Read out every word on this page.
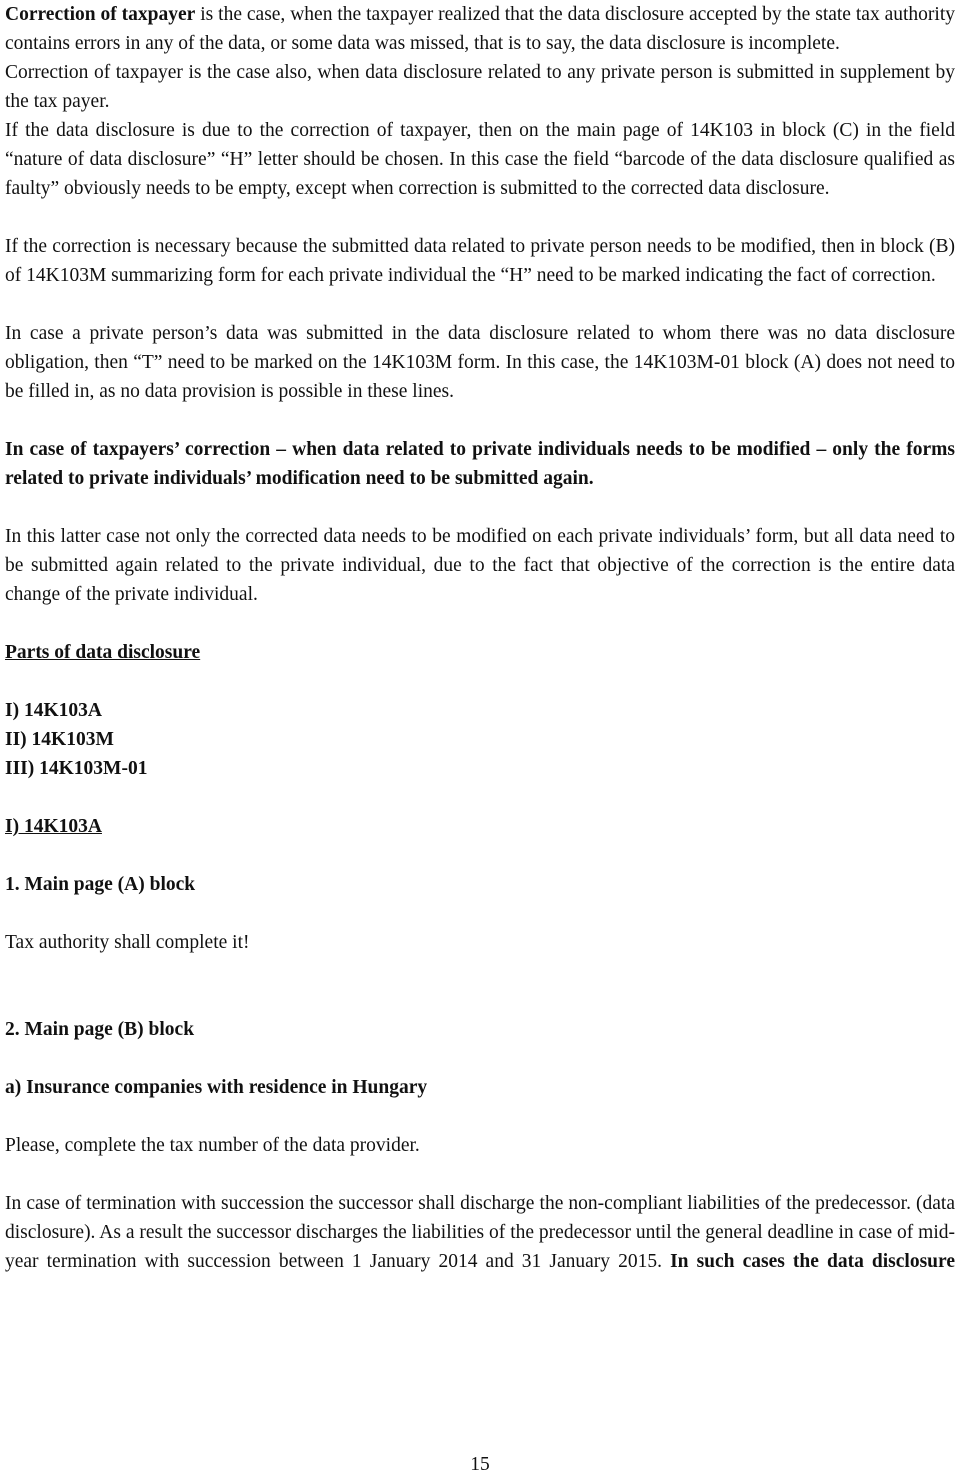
Correction of taxpayer is the case, when the taxpayer realized that the data disclosure accepted by the state tax authority contains errors in any of the data, or some data was missed, that is to say, the data disclosure is incomplete.

Correction of taxpayer is the case also, when data disclosure related to any private person is submitted in supplement by the tax payer.

If the data disclosure is due to the correction of taxpayer, then on the main page of 14K103 in block (C) in the field “nature of data disclosure” “H” letter should be chosen. In this case the field “barcode of the data disclosure qualified as faulty” obviously needs to be empty, except when correction is submitted to the corrected data disclosure.

If the correction is necessary because the submitted data related to private person needs to be modified, then in block (B) of 14K103M summarizing form for each private individual the “H” need to be marked indicating the fact of correction.

In case a private person’s data was submitted in the data disclosure related to whom there was no data disclosure obligation, then “T” need to be marked on the 14K103M form. In this case, the 14K103M-01 block (A) does not need to be filled in, as no data provision is possible in these lines.

In case of taxpayers’ correction – when data related to private individuals needs to be modified – only the forms related to private individuals’ modification need to be submitted again.

In this latter case not only the corrected data needs to be modified on each private individuals’ form, but all data need to be submitted again related to the private individual, due to the fact that objective of the correction is the entire data change of the private individual.

Parts of data disclosure

I) 14K103A
II) 14K103M
III) 14K103M-01

I) 14K103A

1. Main page (A) block

Tax authority shall complete it!

2. Main page (B) block

a) Insurance companies with residence in Hungary

Please, complete the tax number of the data provider.

In case of termination with succession the successor shall discharge the non-compliant liabilities of the predecessor. (data disclosure). As a result the successor discharges the liabilities of the predecessor until the general deadline in case of mid-year termination with succession between 1 January 2014 and 31 January 2015. In such cases the data disclosure

15
